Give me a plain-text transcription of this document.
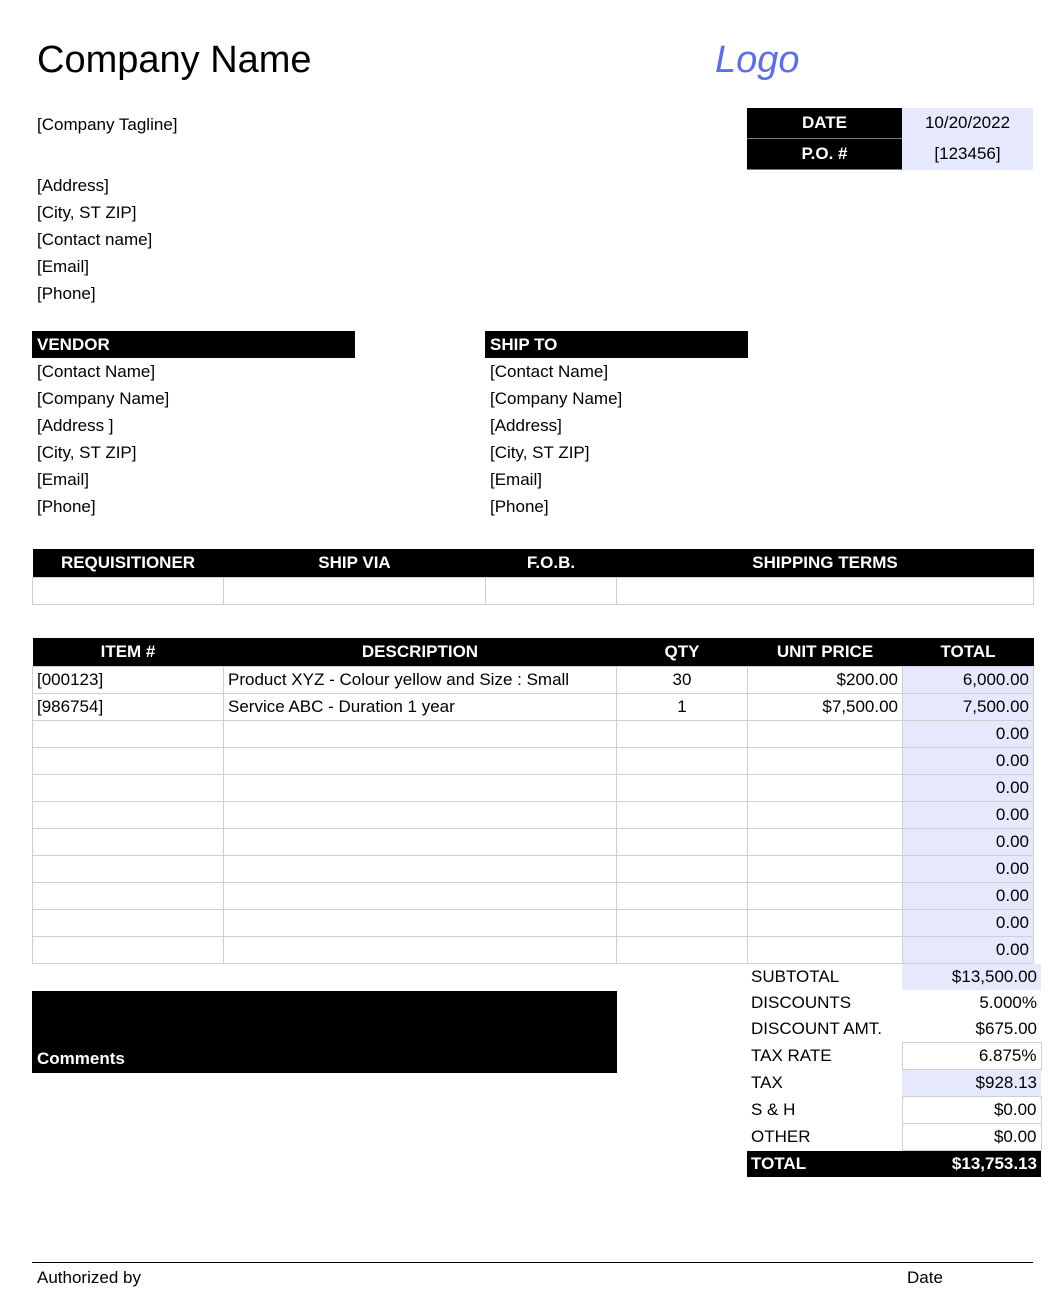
Company Name	Logo
[Company Tagline]
[Address]
[City, ST ZIP]
[Contact name]
[Email]
[Phone]
DATE	10/20/2022
P.O. #	[123456]
VENDOR
[Contact Name]
[Company Name]
[Address ]
[City, ST ZIP]
[Email]
[Phone]
SHIP TO
[Contact Name]
[Company Name]
[Address]
[City, ST ZIP]
[Email]
[Phone]
REQUISITIONER	SHIP VIA	F.O.B.	SHIPPING TERMS

ITEM #	DESCRIPTION	QTY	UNIT PRICE	TOTAL
[000123]	Product XYZ - Colour yellow and Size : Small	30	$200.00	6,000.00
[986754]	Service ABC - Duration 1 year	1	$7,500.00	7,500.00
				0.00
				0.00
				0.00
				0.00
				0.00
				0.00
				0.00
				0.00
				0.00
SUBTOTAL	$13,500.00
DISCOUNTS	5.000%
DISCOUNT AMT.	$675.00
TAX RATE	6.875%
TAX	$928.13
S & H	$0.00
OTHER	$0.00
TOTAL	$13,753.13
Comments
Authorized by	Date
